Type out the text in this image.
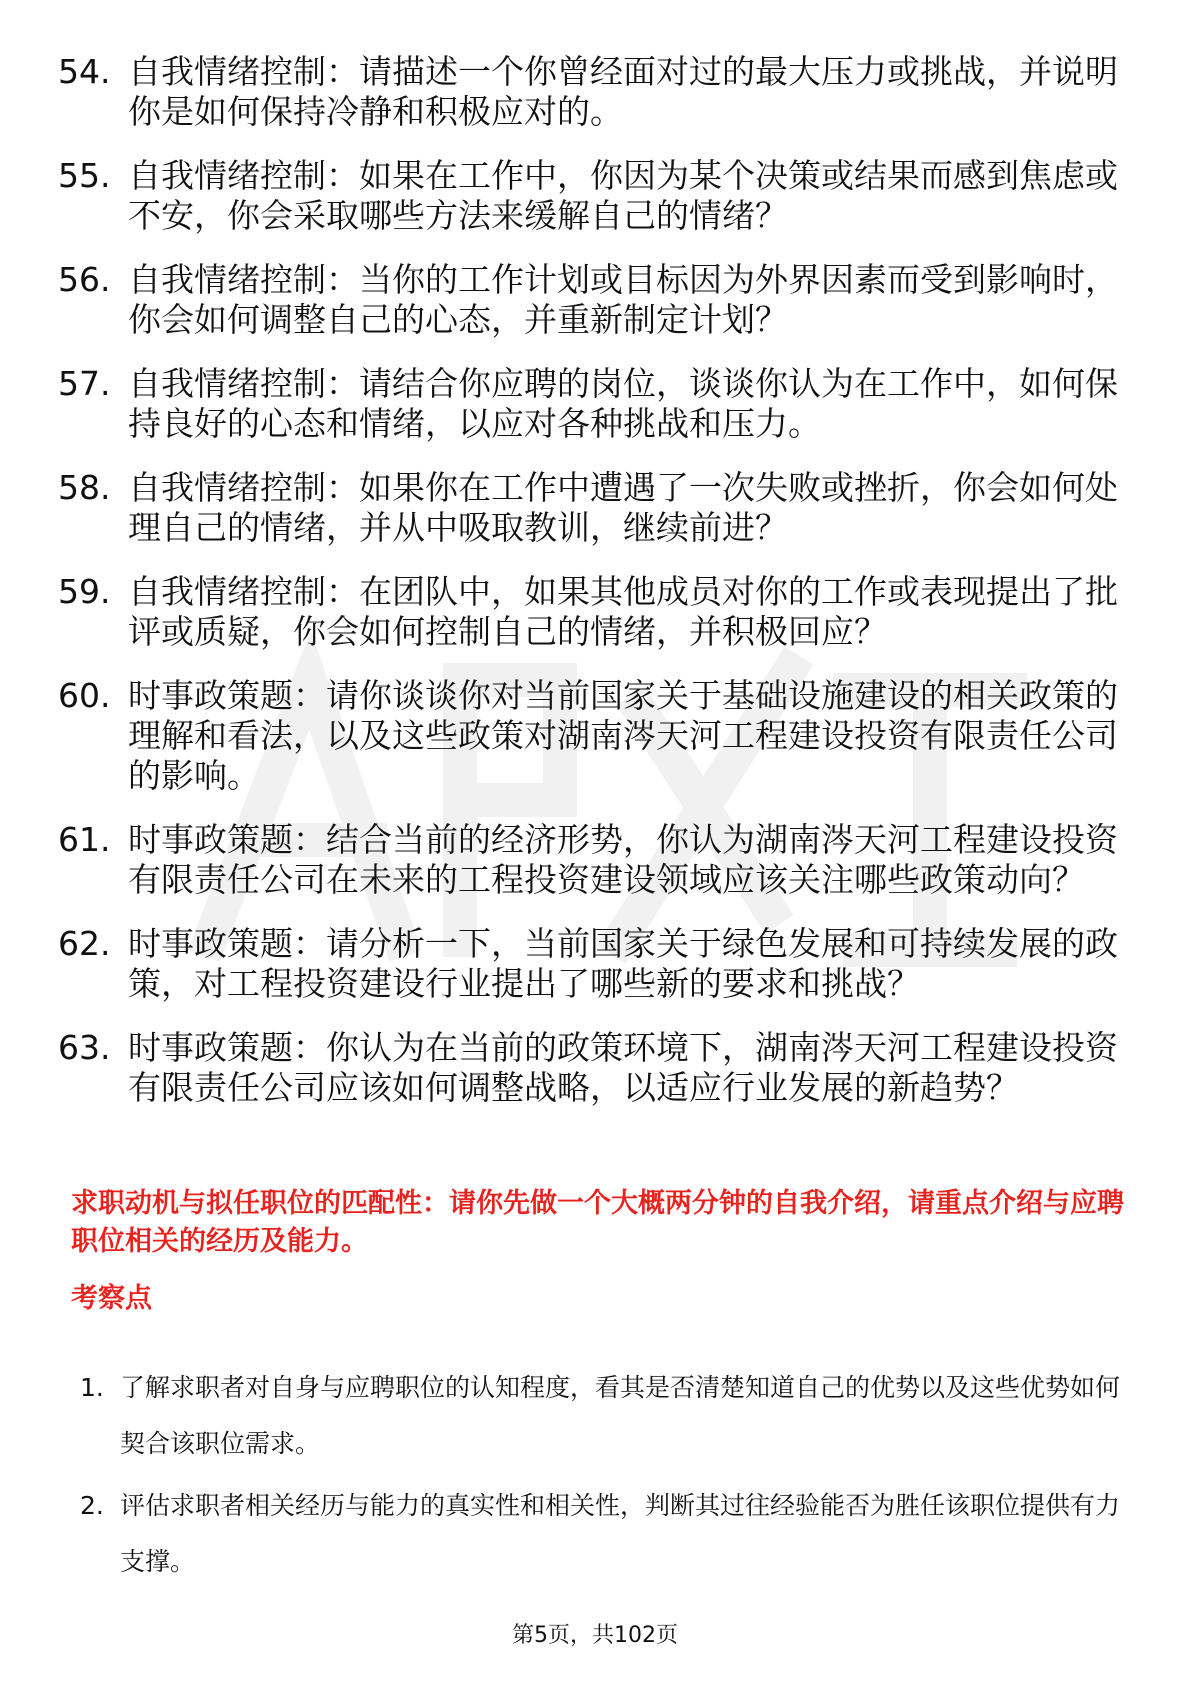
54. 自我情绪控制：请描述一个你曾经面对过的最大压力或挑战，并说明你是如何保持冷静和积极应对的。
55. 自我情绪控制：如果在工作中，你因为某个决策或结果而感到焦虑或不安，你会采取哪些方法来缓解自己的情绪？
56. 自我情绪控制：当你的工作计划或目标因为外界因素而受到影响时，你会如何调整自己的心态，并重新制定计划？
57. 自我情绪控制：请结合你应聘的岗位，谈谈你认为在工作中，如何保持良好的心态和情绪，以应对各种挑战和压力。
58. 自我情绪控制：如果你在工作中遭遇了一次失败或挫折，你会如何处理自己的情绪，并从中吸取教训，继续前进？
59. 自我情绪控制：在团队中，如果其他成员对你的工作或表现提出了批评或质疑，你会如何控制自己的情绪，并积极回应？
60. 时事政策题：请你谈谈你对当前国家关于基础设施建设的相关政策的理解和看法，以及这些政策对湖南涔天河工程建设投资有限责任公司的影响。
61. 时事政策题：结合当前的经济形势，你认为湖南涔天河工程建设投资有限责任公司在未来的工程投资建设领域应该关注哪些政策动向？
62. 时事政策题：请分析一下，当前国家关于绿色发展和可持续发展的政策，对工程投资建设行业提出了哪些新的要求和挑战？
63. 时事政策题：你认为在当前的政策环境下，湖南涔天河工程建设投资有限责任公司应该如何调整战略，以适应行业发展的新趋势？

求职动机与拟任职位的匹配性：请你先做一个大概两分钟的自我介绍，请重点介绍与应聘职位相关的经历及能力。

考察点

1. 了解求职者对自身与应聘职位的认知程度，看其是否清楚知道自己的优势以及这些优势如何契合该职位需求。
2. 评估求职者相关经历与能力的真实性和相关性，判断其过往经验能否为胜任该职位提供有力支撑。
第5页，共102页
